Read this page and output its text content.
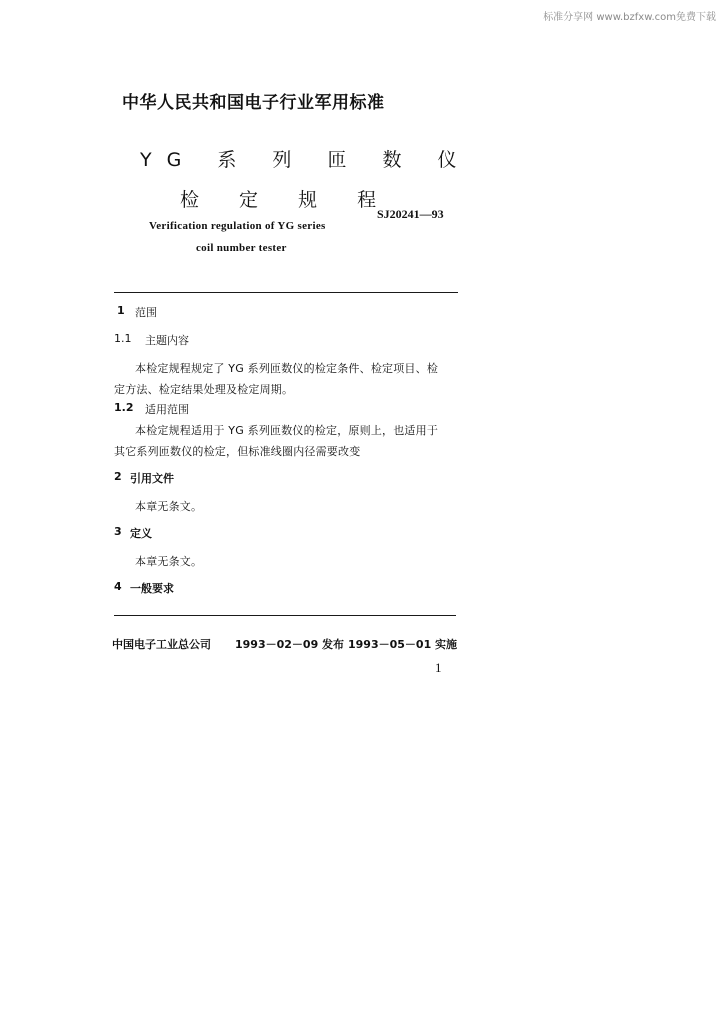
标准分享网 www.bzfxw.com免费下载
中华人民共和国电子行业军用标准
YG 系 列 匝 数 仪
检 定 规 程
SJ20241—93
Verification regulation of YG series
coil number tester
1 范围
1.1 主题内容
本检定规程规定了 YG 系列匝数仪的检定条件、检定项目、检
定方法、检定结果处理及检定周期。
1.2 适用范围
本检定规程适用于 YG 系列匝数仪的检定，原则上，也适用于
其它系列匝数仪的检定，但标准线圈内径需要改变
2 引用文件
本章无条文。
3 定义
本章无条文。
4 一般要求
中国电子工业总公司 1993－02－09 发布 1993－05－01 实施
1
